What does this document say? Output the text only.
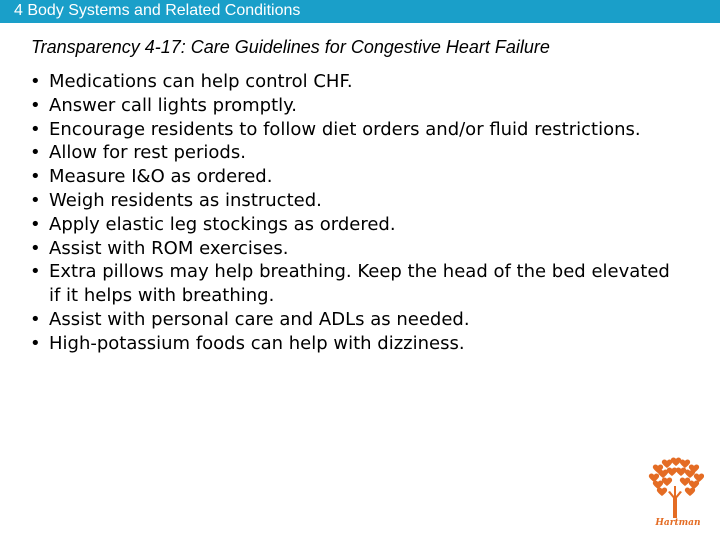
4 Body Systems and Related Conditions
Transparency 4-17: Care Guidelines for Congestive Heart Failure
• Medications can help control CHF.
• Answer call lights promptly.
• Encourage residents to follow diet orders and/or fluid restrictions.
• Allow for rest periods.
• Measure I&O as ordered.
• Weigh residents as instructed.
• Apply elastic leg stockings as ordered.
• Assist with ROM exercises.
• Extra pillows may help breathing. Keep the head of the bed elevated if it helps with breathing.
• Assist with personal care and ADLs as needed.
• High-potassium foods can help with dizziness.
Hartman
